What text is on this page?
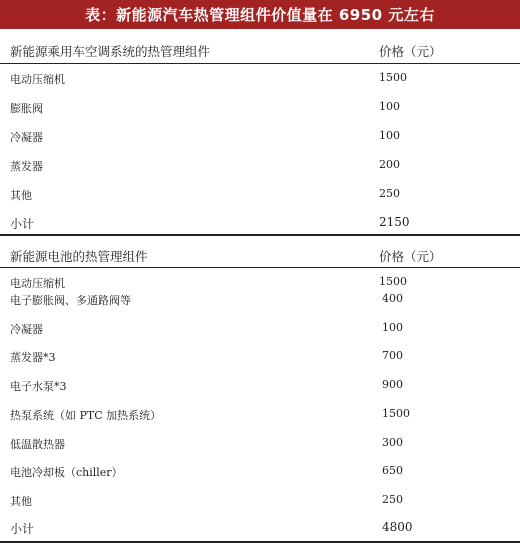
表：新能源汽车热管理组件价值量在 6950 元左右
新能源乘用车空调系统的热管理组件	价格（元）
电动压缩机	1500
膨胀阀	100
冷凝器	100
蒸发器	200
其他	250
小计	2150
新能源电池的热管理组件	价格（元）
电动压缩机	1500
电子膨胀阀、多通路阀等	400
冷凝器	100
蒸发器*3	700
电子水泵*3	900
热泵系统（如 PTC 加热系统）	1500
低温散热器	300
电池冷却板（chiller）	650
其他	250
小计	4800
